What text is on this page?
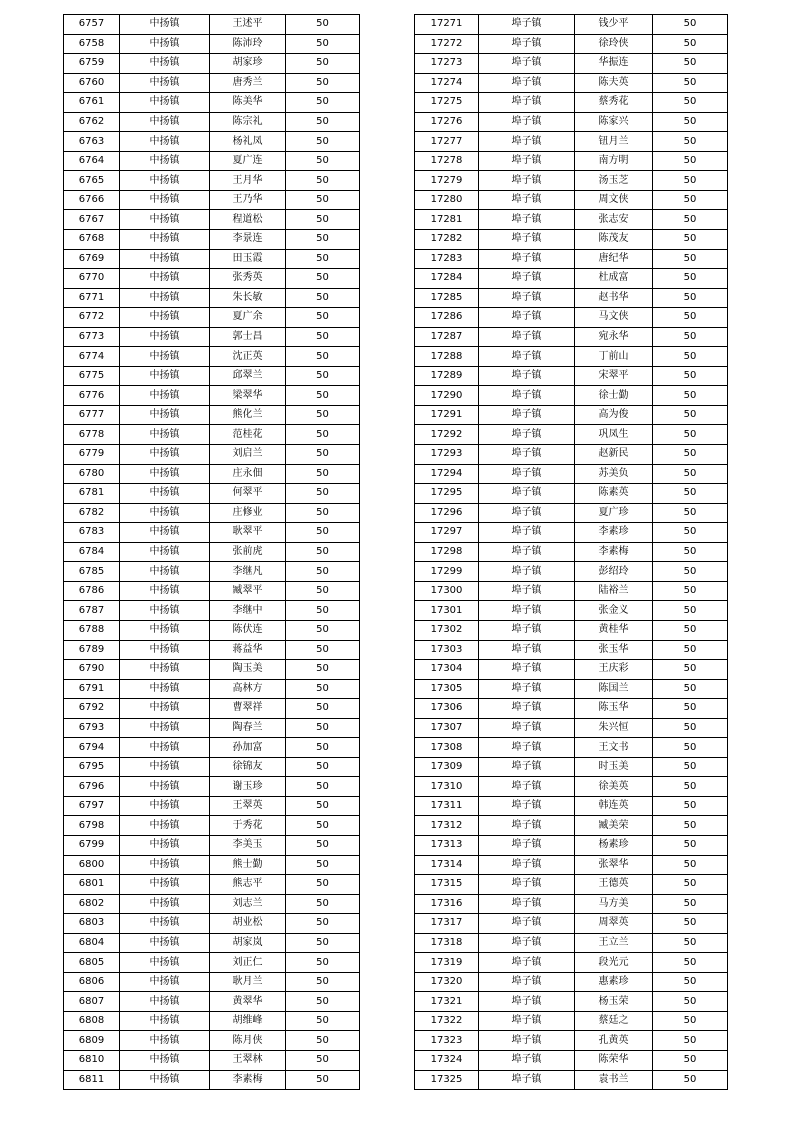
6757	中扬镇	王述平	50
6758	中扬镇	陈沛玲	50
6759	中扬镇	胡家珍	50
6760	中扬镇	唐秀兰	50
6761	中扬镇	陈美华	50
6762	中扬镇	陈宗礼	50
6763	中扬镇	杨礼凤	50
6764	中扬镇	夏广连	50
6765	中扬镇	王月华	50
6766	中扬镇	王乃华	50
6767	中扬镇	程道松	50
6768	中扬镇	李景连	50
6769	中扬镇	田玉霞	50
6770	中扬镇	张秀英	50
6771	中扬镇	朱长敏	50
6772	中扬镇	夏广余	50
6773	中扬镇	郭士昌	50
6774	中扬镇	沈正英	50
6775	中扬镇	邱翠兰	50
6776	中扬镇	梁翠华	50
6777	中扬镇	熊化兰	50
6778	中扬镇	范桂花	50
6779	中扬镇	刘启兰	50
6780	中扬镇	庄永佃	50
6781	中扬镇	何翠平	50
6782	中扬镇	庄修业	50
6783	中扬镇	耿翠平	50
6784	中扬镇	张前虎	50
6785	中扬镇	李继凡	50
6786	中扬镇	臧翠平	50
6787	中扬镇	李继中	50
6788	中扬镇	陈伏连	50
6789	中扬镇	蒋益华	50
6790	中扬镇	陶玉美	50
6791	中扬镇	高林方	50
6792	中扬镇	曹翠祥	50
6793	中扬镇	陶春兰	50
6794	中扬镇	孙加富	50
6795	中扬镇	徐锦友	50
6796	中扬镇	谢玉珍	50
6797	中扬镇	王翠英	50
6798	中扬镇	于秀花	50
6799	中扬镇	李美玉	50
6800	中扬镇	熊士勤	50
6801	中扬镇	熊志平	50
6802	中扬镇	刘志兰	50
6803	中扬镇	胡业松	50
6804	中扬镇	胡家岚	50
6805	中扬镇	刘正仁	50
6806	中扬镇	耿月兰	50
6807	中扬镇	黄翠华	50
6808	中扬镇	胡维峰	50
6809	中扬镇	陈月侠	50
6810	中扬镇	王翠林	50
6811	中扬镇	李素梅	50
17271	埠子镇	钱少平	50
17272	埠子镇	徐玲侠	50
17273	埠子镇	华振连	50
17274	埠子镇	陈夫英	50
17275	埠子镇	蔡秀花	50
17276	埠子镇	陈家兴	50
17277	埠子镇	钮月兰	50
17278	埠子镇	南方明	50
17279	埠子镇	汤玉芝	50
17280	埠子镇	周文侠	50
17281	埠子镇	张志安	50
17282	埠子镇	陈茂友	50
17283	埠子镇	唐纪华	50
17284	埠子镇	杜成富	50
17285	埠子镇	赵书华	50
17286	埠子镇	马文侠	50
17287	埠子镇	宛永华	50
17288	埠子镇	丁前山	50
17289	埠子镇	宋翠平	50
17290	埠子镇	徐士勤	50
17291	埠子镇	高为俊	50
17292	埠子镇	巩凤生	50
17293	埠子镇	赵新民	50
17294	埠子镇	苏美负	50
17295	埠子镇	陈素英	50
17296	埠子镇	夏广珍	50
17297	埠子镇	李素珍	50
17298	埠子镇	李素梅	50
17299	埠子镇	彭绍玲	50
17300	埠子镇	陆裕兰	50
17301	埠子镇	张金义	50
17302	埠子镇	黄桂华	50
17303	埠子镇	张玉华	50
17304	埠子镇	王庆彩	50
17305	埠子镇	陈国兰	50
17306	埠子镇	陈玉华	50
17307	埠子镇	朱兴恒	50
17308	埠子镇	王文书	50
17309	埠子镇	时玉美	50
17310	埠子镇	徐美英	50
17311	埠子镇	韩连英	50
17312	埠子镇	臧美荣	50
17313	埠子镇	杨素珍	50
17314	埠子镇	张翠华	50
17315	埠子镇	王德英	50
17316	埠子镇	马方美	50
17317	埠子镇	周翠英	50
17318	埠子镇	王立兰	50
17319	埠子镇	段光元	50
17320	埠子镇	惠素珍	50
17321	埠子镇	杨玉荣	50
17322	埠子镇	蔡廷之	50
17323	埠子镇	孔黄英	50
17324	埠子镇	陈荣华	50
17325	埠子镇	袁书兰	50
